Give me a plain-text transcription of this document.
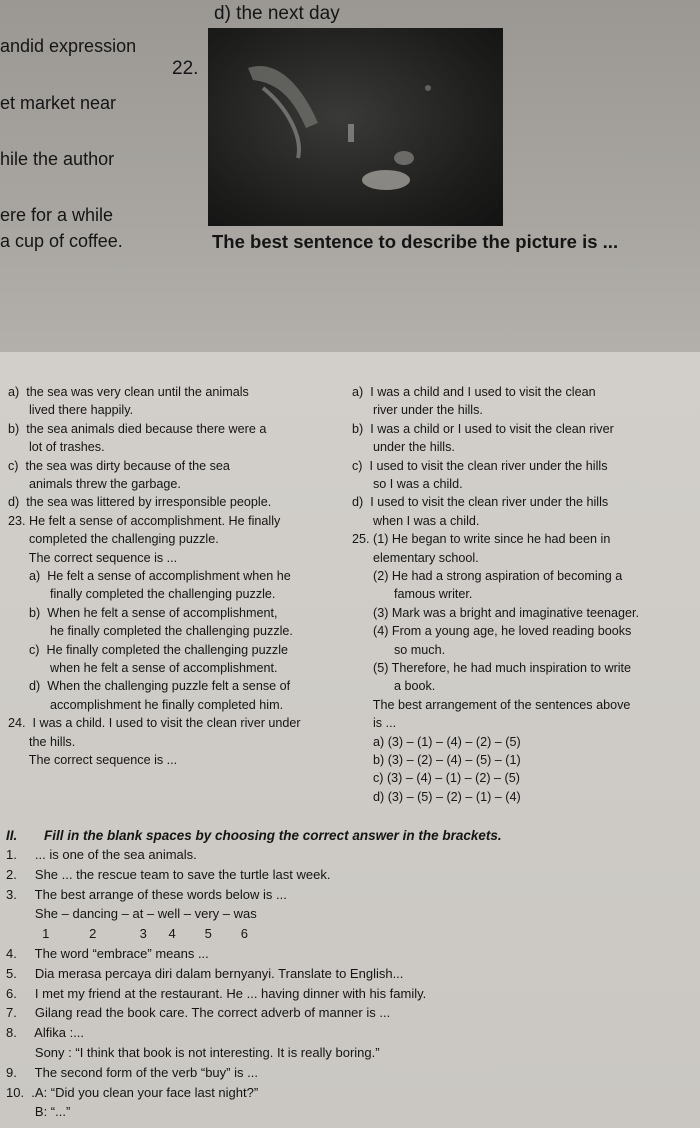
d) the next day
andid expression
22.
et market near
hile the author
ere for a while
a cup of coffee.	The best sentence to describe the picture is ...
a)  the sea was very clean until the animals
lived there happily.
b)  the sea animals died because there were a
lot of trashes.
c)  the sea was dirty because of the sea
animals threw the garbage.
d)  the sea was littered by irresponsible people.
23. He felt a sense of accomplishment. He finally
completed the challenging puzzle.
The correct sequence is ...
a)  He felt a sense of accomplishment when he
finally completed the challenging puzzle.
b)  When he felt a sense of accomplishment,
he finally completed the challenging puzzle.
c)  He finally completed the challenging puzzle
when he felt a sense of accomplishment.
d)  When the challenging puzzle felt a sense of
accomplishment he finally completed him.
24.  I was a child. I used to visit the clean river under
the hills.
The correct sequence is ...
a)  I was a child and I used to visit the clean
river under the hills.
b)  I was a child or I used to visit the clean river
under the hills.
c)  I used to visit the clean river under the hills
so I was a child.
d)  I used to visit the clean river under the hills
when I was a child.
25. (1) He began to write since he had been in
elementary school.
(2) He had a strong aspiration of becoming a
famous writer.
(3) Mark was a bright and imaginative teenager.
(4) From a young age, he loved reading books
so much.
(5) Therefore, he had much inspiration to write
a book.
The best arrangement of the sentences above
is ...
a) (3) – (1) – (4) – (2) – (5)
b) (3) – (2) – (4) – (5) – (1)
c) (3) – (4) – (1) – (2) – (5)
d) (3) – (5) – (2) – (1) – (4)
II. Fill in the blank spaces by choosing the correct answer in the brackets.
1.     ... is one of the sea animals.
2.     She ... the rescue team to save the turtle last week.
3.     The best arrange of these words below is ...
She – dancing – at – well – very – was
1           2            3      4        5        6
4.     The word “embrace” means ...
5.     Dia merasa percaya diri dalam bernyanyi. Translate to English...
6.     I met my friend at the restaurant. He ... having dinner with his family.
7.     Gilang read the book care. The correct adverb of manner is ...
8.     Alfika :...
Sony : “I think that book is not interesting. It is really boring.”
9.     The second form of the verb “buy” is ...
10.  .A: “Did you clean your face last night?”
B: “...”
